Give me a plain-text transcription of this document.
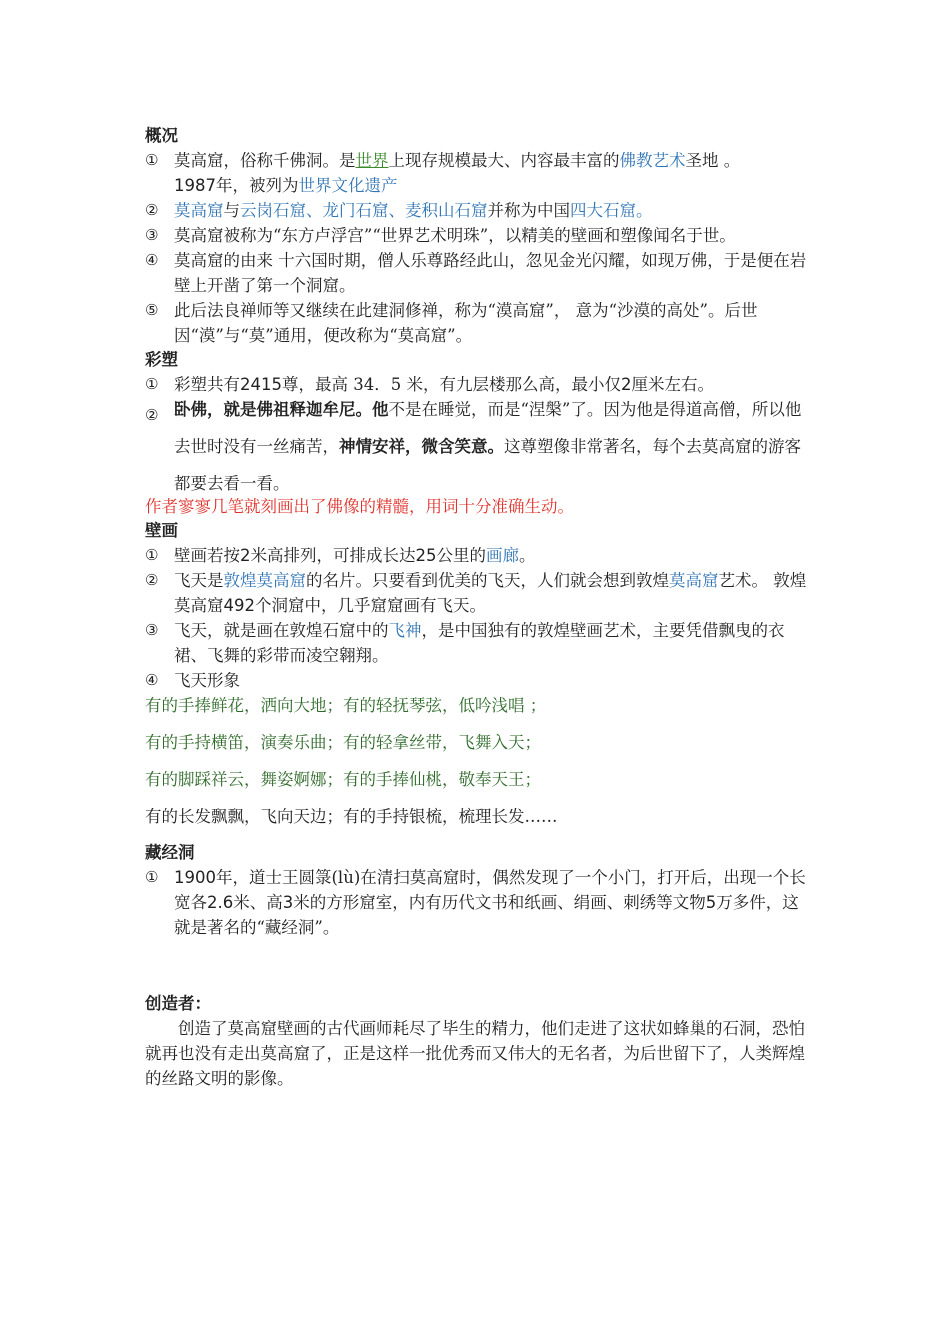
概况
① 莫高窟，俗称千佛洞。是世界上现存规模最大、内容最丰富的佛教艺术圣地 。
1987年，被列为世界文化遗产
② 莫高窟与云岗石窟、龙门石窟、麦积山石窟并称为中国四大石窟。
③ 莫高窟被称为“东方卢浮宫”“世界艺术明珠”，以精美的壁画和塑像闻名于世。
④ 莫高窟的由来 十六国时期，僧人乐尊路经此山，忽见金光闪耀，如现万佛，于是便在岩壁上开凿了第一个洞窟。
⑤ 此后法良禅师等又继续在此建洞修禅，称为“漠高窟”， 意为“沙漠的高处”。后世因“漠”与“莫”通用，便改称为“莫高窟”。
彩塑
① 彩塑共有2415尊，最高 34．5 米，有九层楼那么高，最小仅2厘米左右。
② 卧佛，就是佛祖释迦牟尼。他不是在睡觉，而是“涅槃”了。因为他是得道高僧，所以他去世时没有一丝痛苦，神情安祥，微含笑意。这尊塑像非常著名，每个去莫高窟的游客都要去看一看。
作者寥寥几笔就刻画出了佛像的精髓，用词十分准确生动。
壁画
① 壁画若按2米高排列，可排成长达25公里的画廊。
② 飞天是敦煌莫高窟的名片。只要看到优美的飞天，人们就会想到敦煌莫高窟艺术。 敦煌莫高窟492个洞窟中，几乎窟窟画有飞天。
③ 飞天，就是画在敦煌石窟中的飞神，是中国独有的敦煌壁画艺术，主要凭借飘曳的衣裙、飞舞的彩带而凌空翱翔。
④ 飞天形象
有的手捧鲜花，洒向大地；有的轻抚琴弦，低吟浅唱 ；
有的手持横笛，演奏乐曲；有的轻拿丝带，飞舞入天；
有的脚踩祥云，舞姿婀娜；有的手捧仙桃，敬奉天王；
有的长发飘飘，飞向天边；有的手持银梳，梳理长发……
藏经洞
① 1900年，道士王圆箓(lù)在清扫莫高窟时，偶然发现了一个小门，打开后，出现一个长宽各2.6米、高3米的方形窟室，内有历代文书和纸画、绢画、刺绣等文物5万多件，这就是著名的“藏经洞”。
创造者：

创造了莫高窟壁画的古代画师耗尽了毕生的精力，他们走进了这状如蜂巢的石洞，恐怕就再也没有走出莫高窟了，正是这样一批优秀而又伟大的无名者，为后世留下了，人类辉煌的丝路文明的影像。
